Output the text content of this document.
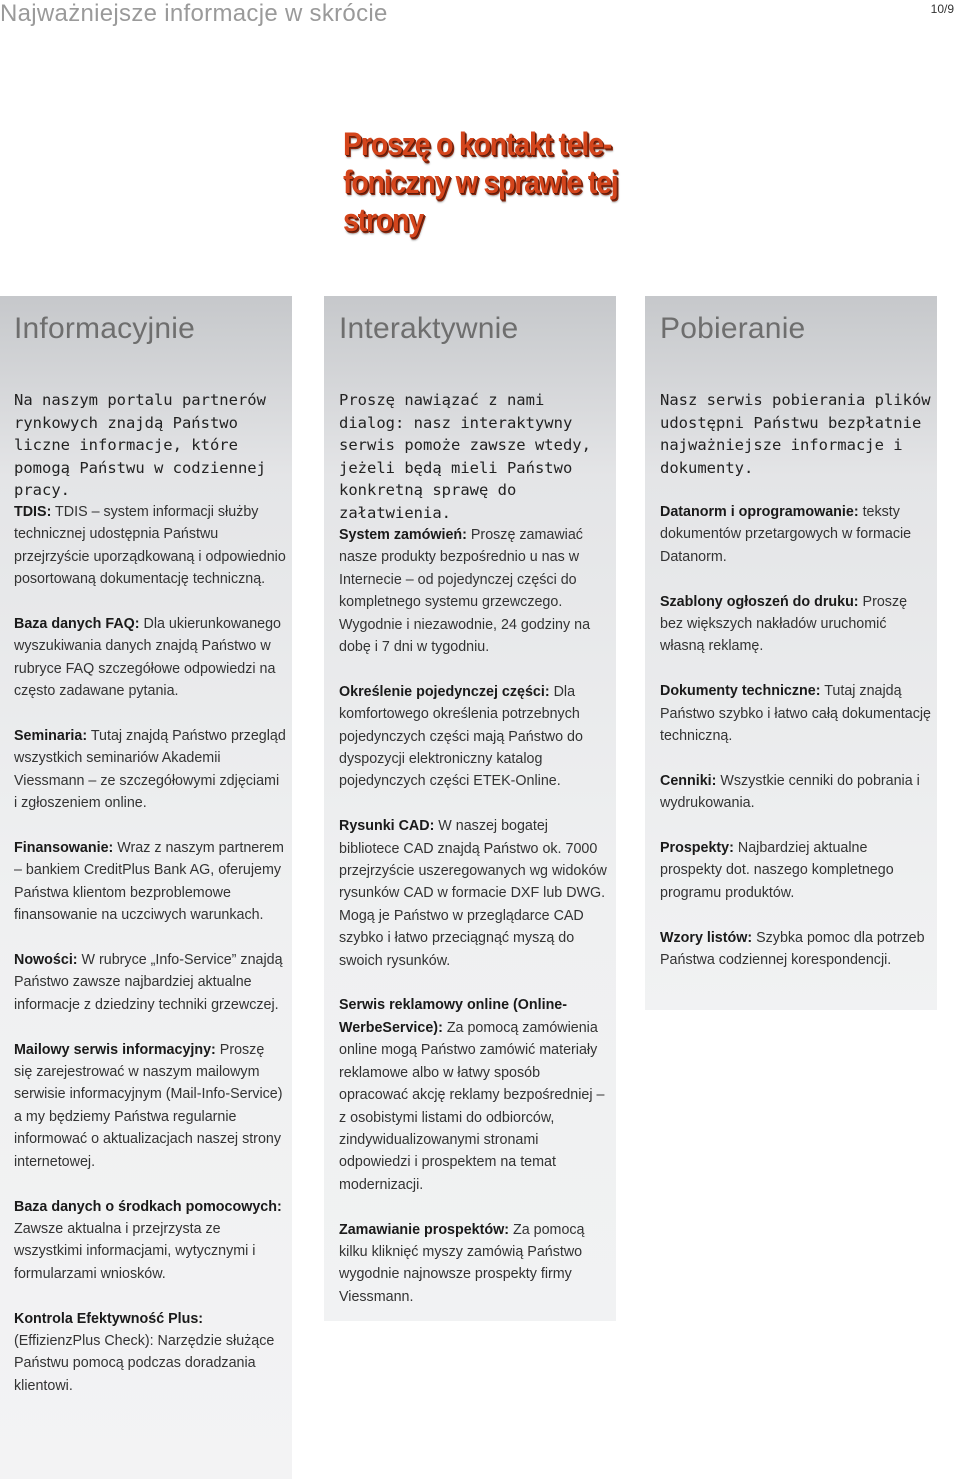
Najważniejsze informacje w skrócie	10/9
Proszę o kontakt tele-
foniczny w sprawie tej
strony
Informacyjnie
Na naszym portalu partnerów rynkowych znajdą Państwo liczne informacje, które pomogą Państwu w codziennej pracy.

TDIS: TDIS – system informacji służby technicznej udostępnia Państwu przejrzyście uporządkowaną i odpowiednio posortowaną dokumentację techniczną.

Baza danych FAQ: Dla ukierunkowanego wyszukiwania danych znajdą Państwo w rubryce FAQ szczegółowe odpowiedzi na często zadawane pytania.

Seminaria: Tutaj znajdą Państwo przegląd wszystkich seminariów Akademii Viessmann – ze szczegółowymi zdjęciami i zgłoszeniem online.

Finansowanie: Wraz z naszym partnerem – bankiem CreditPlus Bank AG, oferujemy Państwa klientom bezproblemowe finansowanie na uczciwych warunkach.

Nowości: W rubryce „Info-Service” znajdą Państwo zawsze najbardziej aktualne informacje z dziedziny techniki grzewczej.

Mailowy serwis informacyjny: Proszę się zarejestrować w naszym mailowym serwisie informacyjnym (Mail-Info-Service) a my będziemy Państwa regularnie informować o aktualizacjach naszej strony internetowej.

Baza danych o środkach pomocowych: Zawsze aktualna i przejrzysta ze wszystkimi informacjami, wytycznymi i formularzami wniosków.

Kontrola Efektywność Plus: (EffizienzPlus Check): Narzędzie służące Państwu pomocą podczas doradzania klientowi.

Interaktywnie
Proszę nawiązać z nami dialog: nasz interaktywny serwis pomoże zawsze wtedy, jeżeli będą mieli Państwo konkretną sprawę do załatwienia.

System zamówień: Proszę zamawiać nasze produkty bezpośrednio u nas w Internecie – od pojedynczej części do kompletnego systemu grzewczego. Wygodnie i niezawodnie, 24 godziny na dobę i 7 dni w tygodniu.

Określenie pojedynczej części: Dla komfortowego określenia potrzebnych pojedynczych części mają Państwo do dyspozycji elektroniczny katalog pojedynczych części ETEK-Online.

Rysunki CAD: W naszej bogatej bibliotece CAD znajdą Państwo ok. 7000 przejrzyście uszeregowanych wg widoków rysunków CAD w formacie DXF lub DWG. Mogą je Państwo w przeglądarce CAD szybko i łatwo przeciągnąć myszą do swoich rysunków.

Serwis reklamowy online (Online-WerbeService): Za pomocą zamówienia online mogą Państwo zamówić materiały reklamowe albo w łatwy sposób opracować akcję reklamy bezpośredniej – z osobistymi listami do odbiorców, zindywidualizowanymi stronami odpowiedzi i prospektem na temat modernizacji.

Zamawianie prospektów: Za pomocą kilku kliknięć myszy zamówią Państwo wygodnie najnowsze prospekty firmy Viessmann.

Pobieranie
Nasz serwis pobierania plików udostępni Państwu bezpłatnie najważniejsze informacje i dokumenty.

Datanorm i oprogramowanie: teksty dokumentów przetargowych w formacie Datanorm.

Szablony ogłoszeń do druku: Proszę bez większych nakładów uruchomić własną reklamę.

Dokumenty techniczne: Tutaj znajdą Państwo szybko i łatwo całą dokumentację techniczną.

Cenniki: Wszystkie cenniki do pobrania i wydrukowania.

Prospekty: Najbardziej aktualne prospekty dot. naszego kompletnego programu produktów.

Wzory listów: Szybka pomoc dla potrzeb Państwa codziennej korespondencji.
